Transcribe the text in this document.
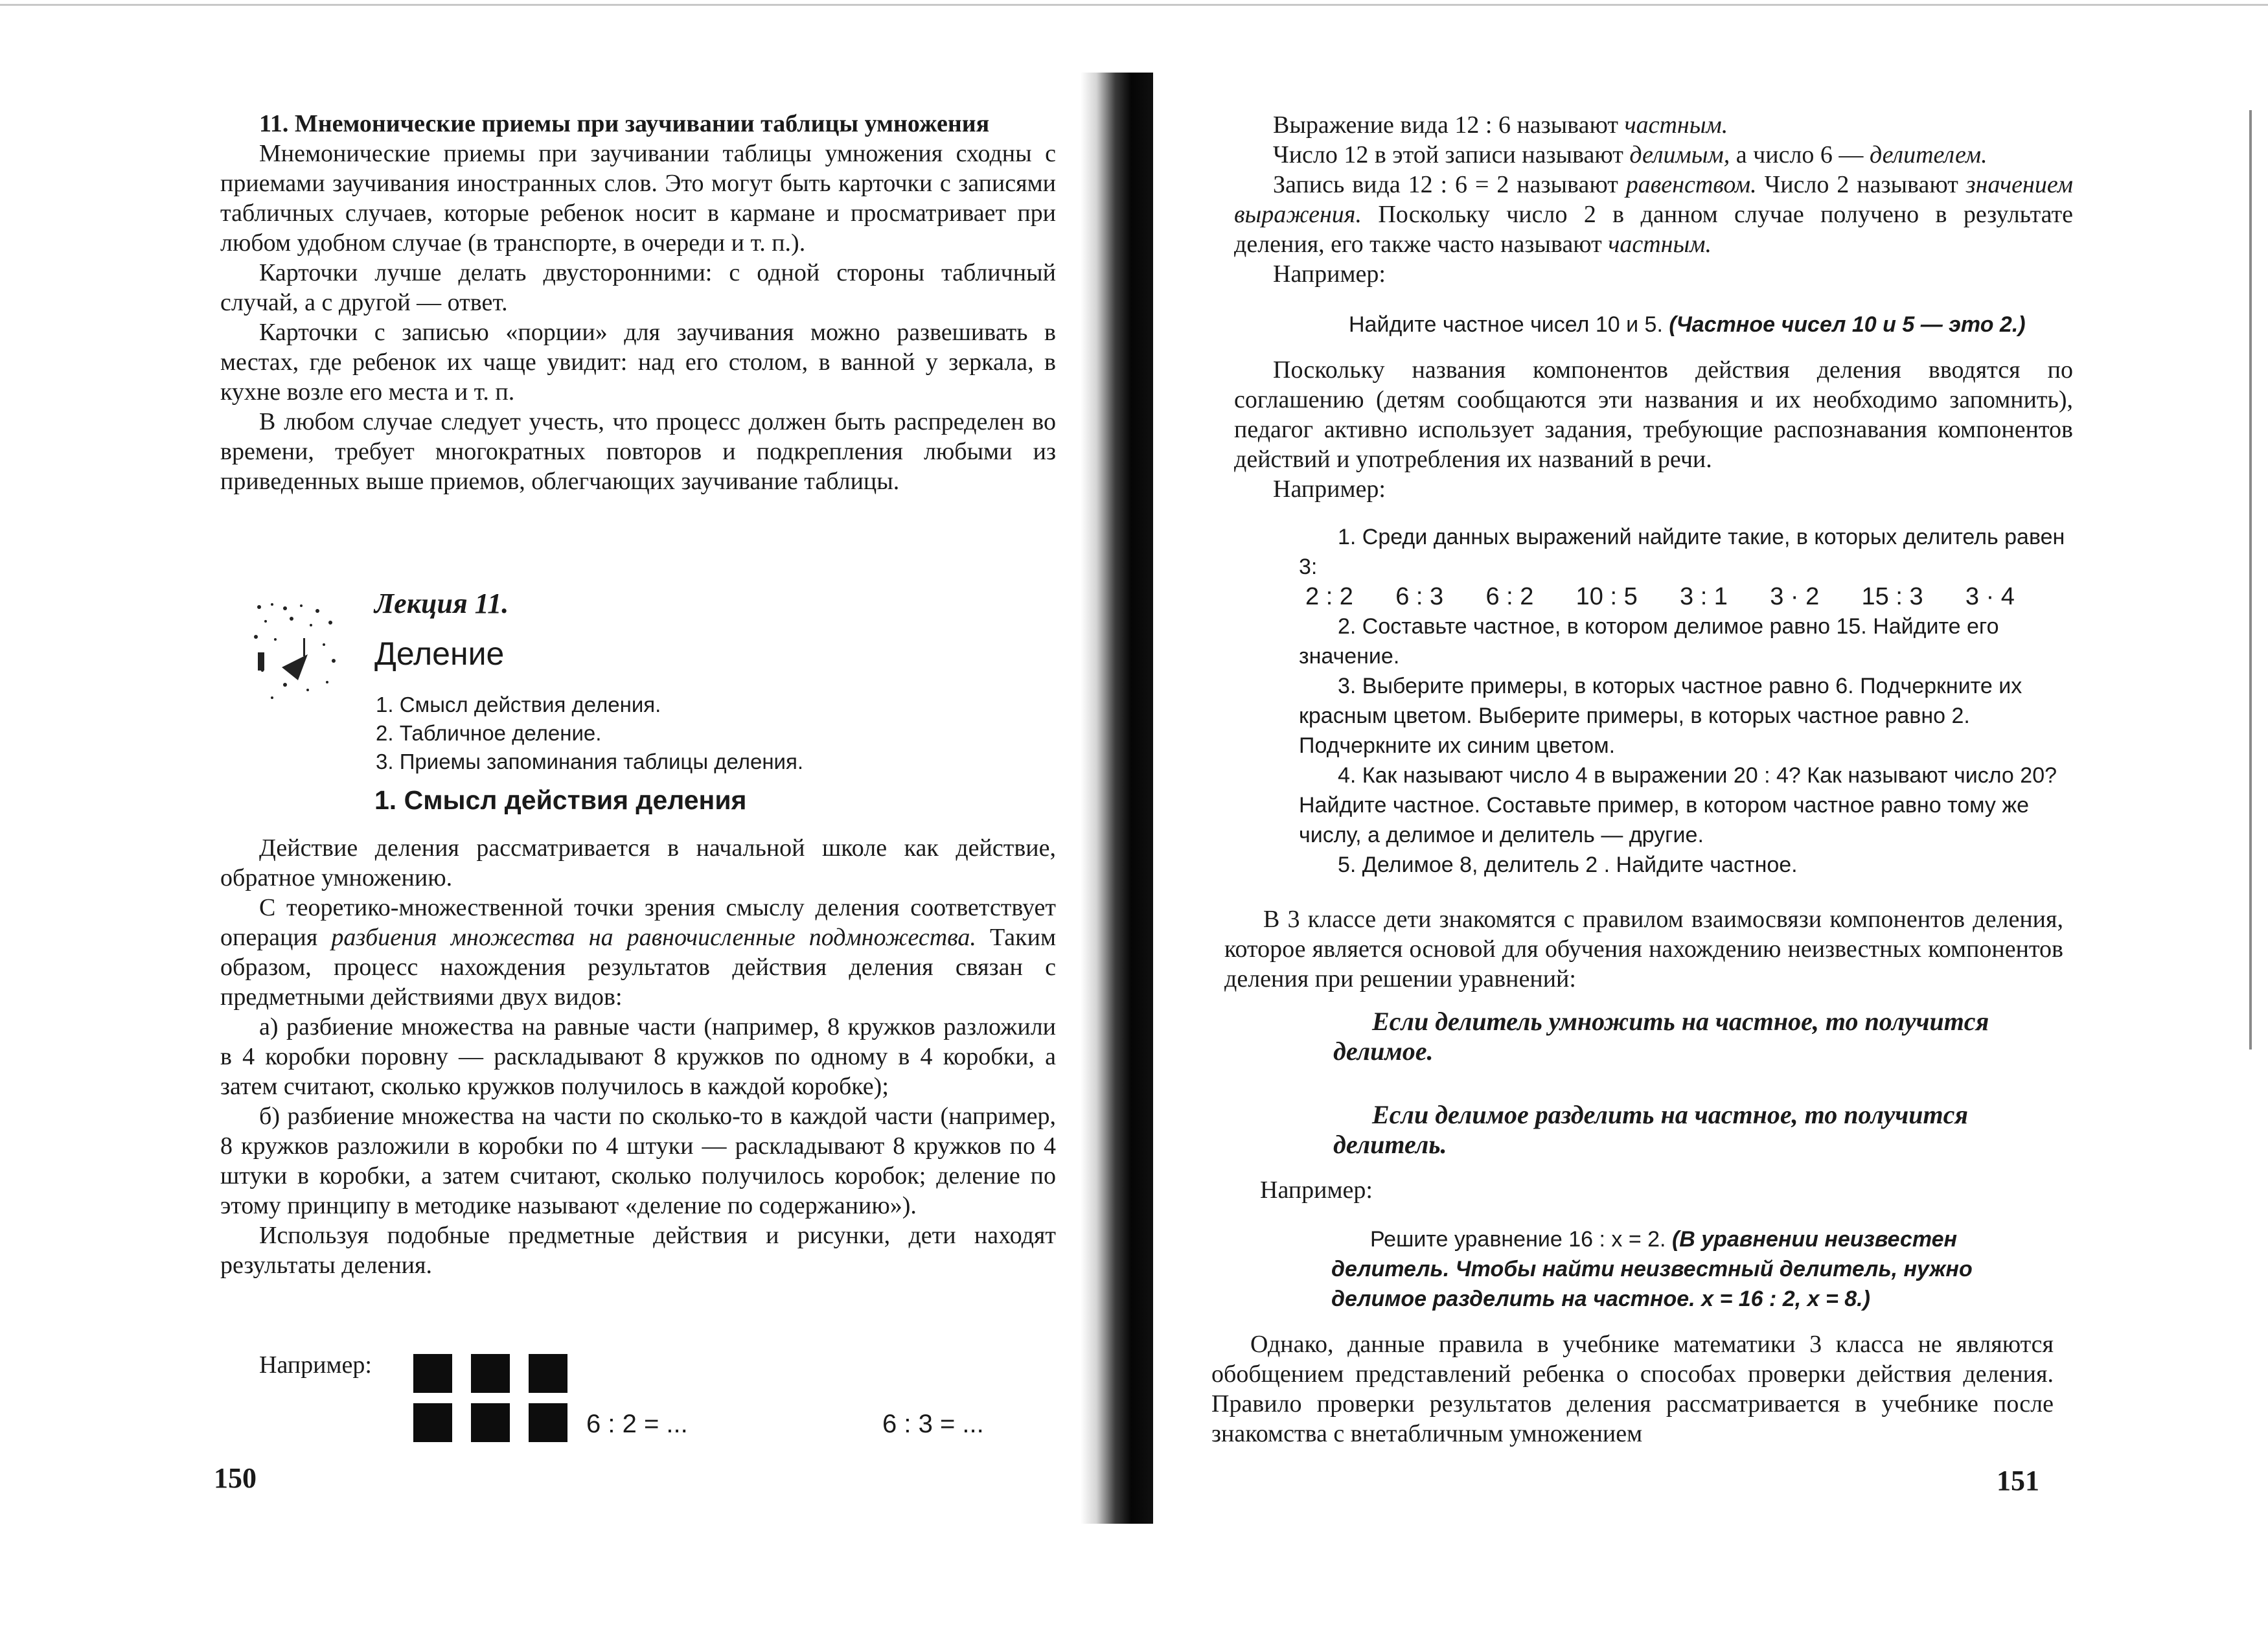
11. Мнемонические приемы при заучивании таблицы умножения

Мнемонические приемы при заучивании таблицы умножения сходны с приемами заучивания иностранных слов. Это могут быть карточки с записями табличных случаев, которые ребенок носит в кармане и просматривает при любом удобном случае (в транспорте, в очереди и т. п.).

Карточки лучше делать двусторонними: с одной стороны табличный случай, а с другой — ответ.

Карточки с записью «порции» для заучивания можно развешивать в местах, где ребенок их чаще увидит: над его столом, в ванной у зеркала, в кухне возле его места и т. п.

В любом случае следует учесть, что процесс должен быть распределен во времени, требует многократных повторов и подкрепления любыми из приведенных выше приемов, облегчающих заучивание таблицы.

Лекция 11.
Деление
1. Смысл действия деления.
2. Табличное деление.
3. Приемы запоминания таблицы деления.
1. Смысл действия деления

Действие деления рассматривается в начальной школе как действие, обратное умножению.

С теоретико-множественной точки зрения смыслу деления соответствует операция разбиения множества на равночисленные подмножества. Таким образом, процесс нахождения результатов действия деления связан с предметными действиями двух видов:

а) разбиение множества на равные части (например, 8 кружков разложили в 4 коробки поровну — раскладывают 8 кружков по одному в 4 коробки, а затем считают, сколько кружков получилось в каждой коробке);

б) разбиение множества на части по сколько-то в каждой части (например, 8 кружков разложили в коробки по 4 штуки — раскладывают 8 кружков по 4 штуки в коробки, а затем считают, сколько получилось коробок; деление по этому принципу в методике называют «деление по содержанию»).

Используя подобные предметные действия и рисунки, дети находят результаты деления.

Например:
6 : 2 = ...	6 : 3 = ...
150

Выражение вида 12 : 6 называют частным.

Число 12 в этой записи называют делимым, а число 6 — делителем.

Запись вида 12 : 6 = 2 называют равенством. Число 2 называют значением выражения. Поскольку число 2 в данном случае получено в результате деления, его также часто называют частным.

Например:

Найдите частное чисел 10 и 5. (Частное чисел 10 и 5 — это 2.)

Поскольку названия компонентов действия деления вводятся по соглашению (детям сообщаются эти названия и их необходимо запомнить), педагог активно использует задания, требующие распознавания компонентов действий и употребления их названий в речи.

Например:

1. Среди данных выражений найдите такие, в которых делитель равен 3:

2 : 2 6 : 3 6 : 2 10 : 5 3 : 1 3 · 2 15 : 3 3 · 4

2. Составьте частное, в котором делимое равно 15. Найдите его значение.

3. Выберите примеры, в которых частное равно 6. Подчеркните их красным цветом. Выберите примеры, в которых частное равно 2. Подчеркните их синим цветом.

4. Как называют число 4 в выражении 20 : 4? Как называют число 20? Найдите частное. Составьте пример, в котором частное равно тому же числу, а делимое и делитель — другие.

5. Делимое 8, делитель 2 . Найдите частное.

В 3 классе дети знакомятся с правилом взаимосвязи компонентов деления, которое является основой для обучения нахождению неизвестных компонентов деления при решении уравнений:

Если делитель умножить на частное, то получится делимое.
Если делимое разделить на частное, то получится делитель.
Например:

Решите уравнение 16 : x = 2. (В уравнении неизвестен делитель. Чтобы найти неизвестный делитель, нужно делимое разделить на частное. x = 16 : 2, x = 8.)

Однако, данные правила в учебнике математики 3 класса не являются обобщением представлений ребенка о способах проверки действия деления. Правило проверки результатов деления рассматривается в учебнике после знакомства с внетабличным умножением

151
